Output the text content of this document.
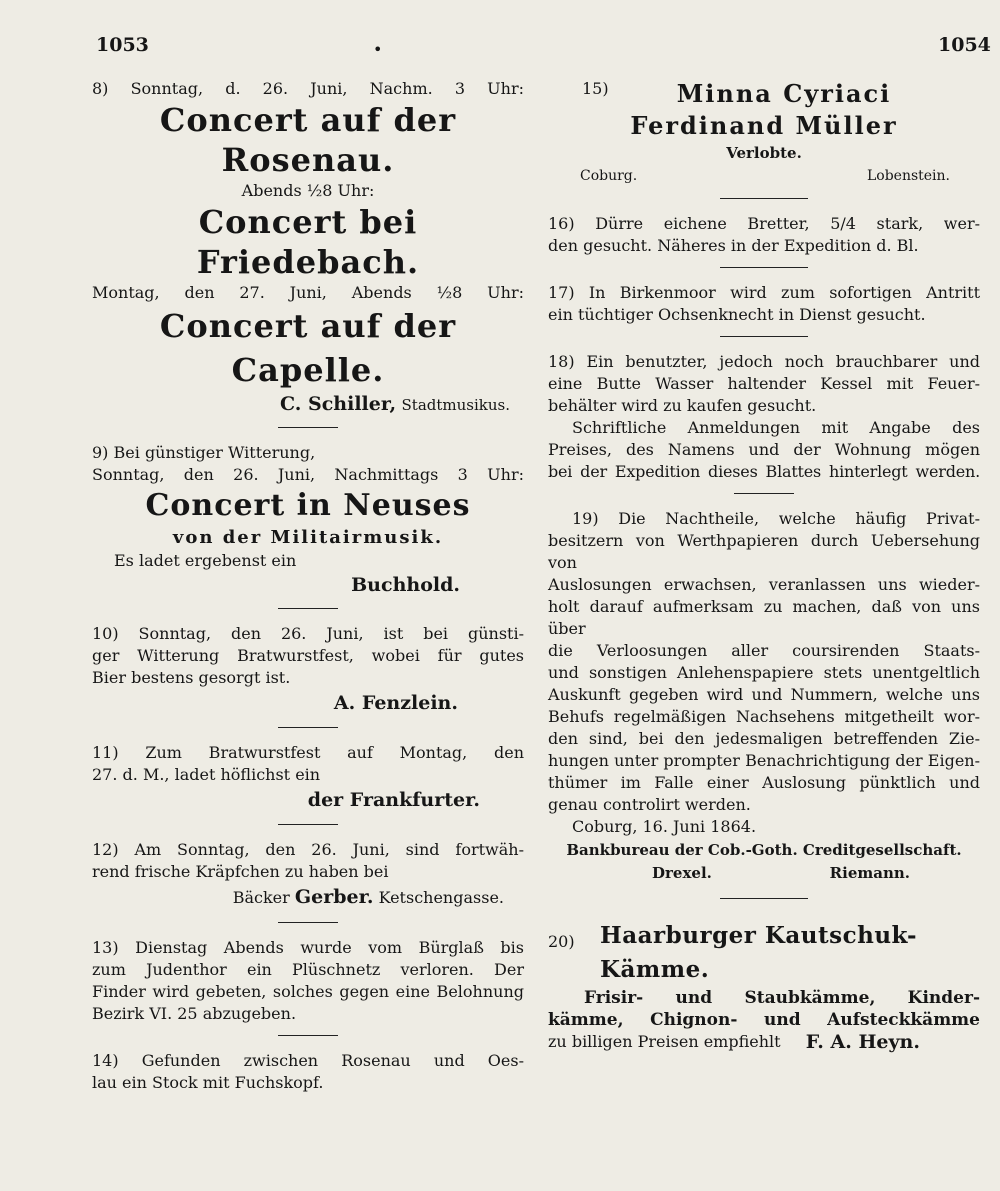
1053	1054
•

8) Sonntag, d. 26. Juni, Nachm. 3 Uhr:

Concert auf der Rosenau.

Abends ½8 Uhr:

Concert bei Friedebach.

Montag, den 27. Juni, Abends ½8 Uhr:

Concert auf der Capelle.

C. Schiller, Stadtmusikus.

9) Bei günstiger Witterung,

Sonntag, den 26. Juni, Nachmittags 3 Uhr:

Concert in Neuses

von der Militairmusik.

Es ladet ergebenst ein

Buchhold.

10) Sonntag, den 26. Juni, ist bei günsti-

ger Witterung Bratwurstfest, wobei für gutes

Bier bestens gesorgt ist.

A. Fenzlein.

11) Zum Bratwurstfest auf Montag, den

27. d. M., ladet höflichst ein

der Frankfurter.

12) Am Sonntag, den 26. Juni, sind fortwäh-

rend frische Kräpfchen zu haben bei

Bäcker Gerber. Ketschengasse.

13) Dienstag Abends wurde vom Bürglaß bis

zum Judenthor ein Plüschnetz verloren. Der

Finder wird gebeten, solches gegen eine Belohnung

Bezirk VI. 25 abzugeben.

14) Gefunden zwischen Rosenau und Oes-

lau ein Stock mit Fuchskopf.

15)	Minna Cyriaci

Ferdinand Müller

Verlobte.

Coburg.	Lobenstein.

16) Dürre eichene Bretter, 5/4 stark, wer-

den gesucht. Näheres in der Expedition d. Bl.

17) In Birkenmoor wird zum sofortigen Antritt

ein tüchtiger Ochsenknecht in Dienst gesucht.

18) Ein benutzter, jedoch noch brauchbarer und

eine Butte Wasser haltender Kessel mit Feuer-

behälter wird zu kaufen gesucht.

Schriftliche Anmeldungen mit Angabe des

Preises, des Namens und der Wohnung mögen

bei der Expedition dieses Blattes hinterlegt werden.

19) Die Nachtheile, welche häufig Privat-

besitzern von Werthpapieren durch Uebersehung von

Auslosungen erwachsen, veranlassen uns wieder-

holt darauf aufmerksam zu machen, daß von uns über

die Verloosungen aller coursirenden Staats-

und sonstigen Anlehenspapiere stets unentgeltlich

Auskunft gegeben wird und Nummern, welche uns

Behufs regelmäßigen Nachsehens mitgetheilt wor-

den sind, bei den jedesmaligen betreffenden Zie-

hungen unter prompter Benachrichtigung der Eigen-

thümer im Falle einer Auslosung pünktlich und

genau controlirt werden.

Coburg, 16. Juni 1864.

Bankbureau der Cob.-Goth. Creditgesellschaft.

Drexel.	Riemann.
20)	Haarburger Kautschuk-Kämme.

Frisir- und Staubkämme, Kinder-

kämme, Chignon- und Aufsteckkämme

zu billigen Preisen empfiehlt	F. A. Heyn.
